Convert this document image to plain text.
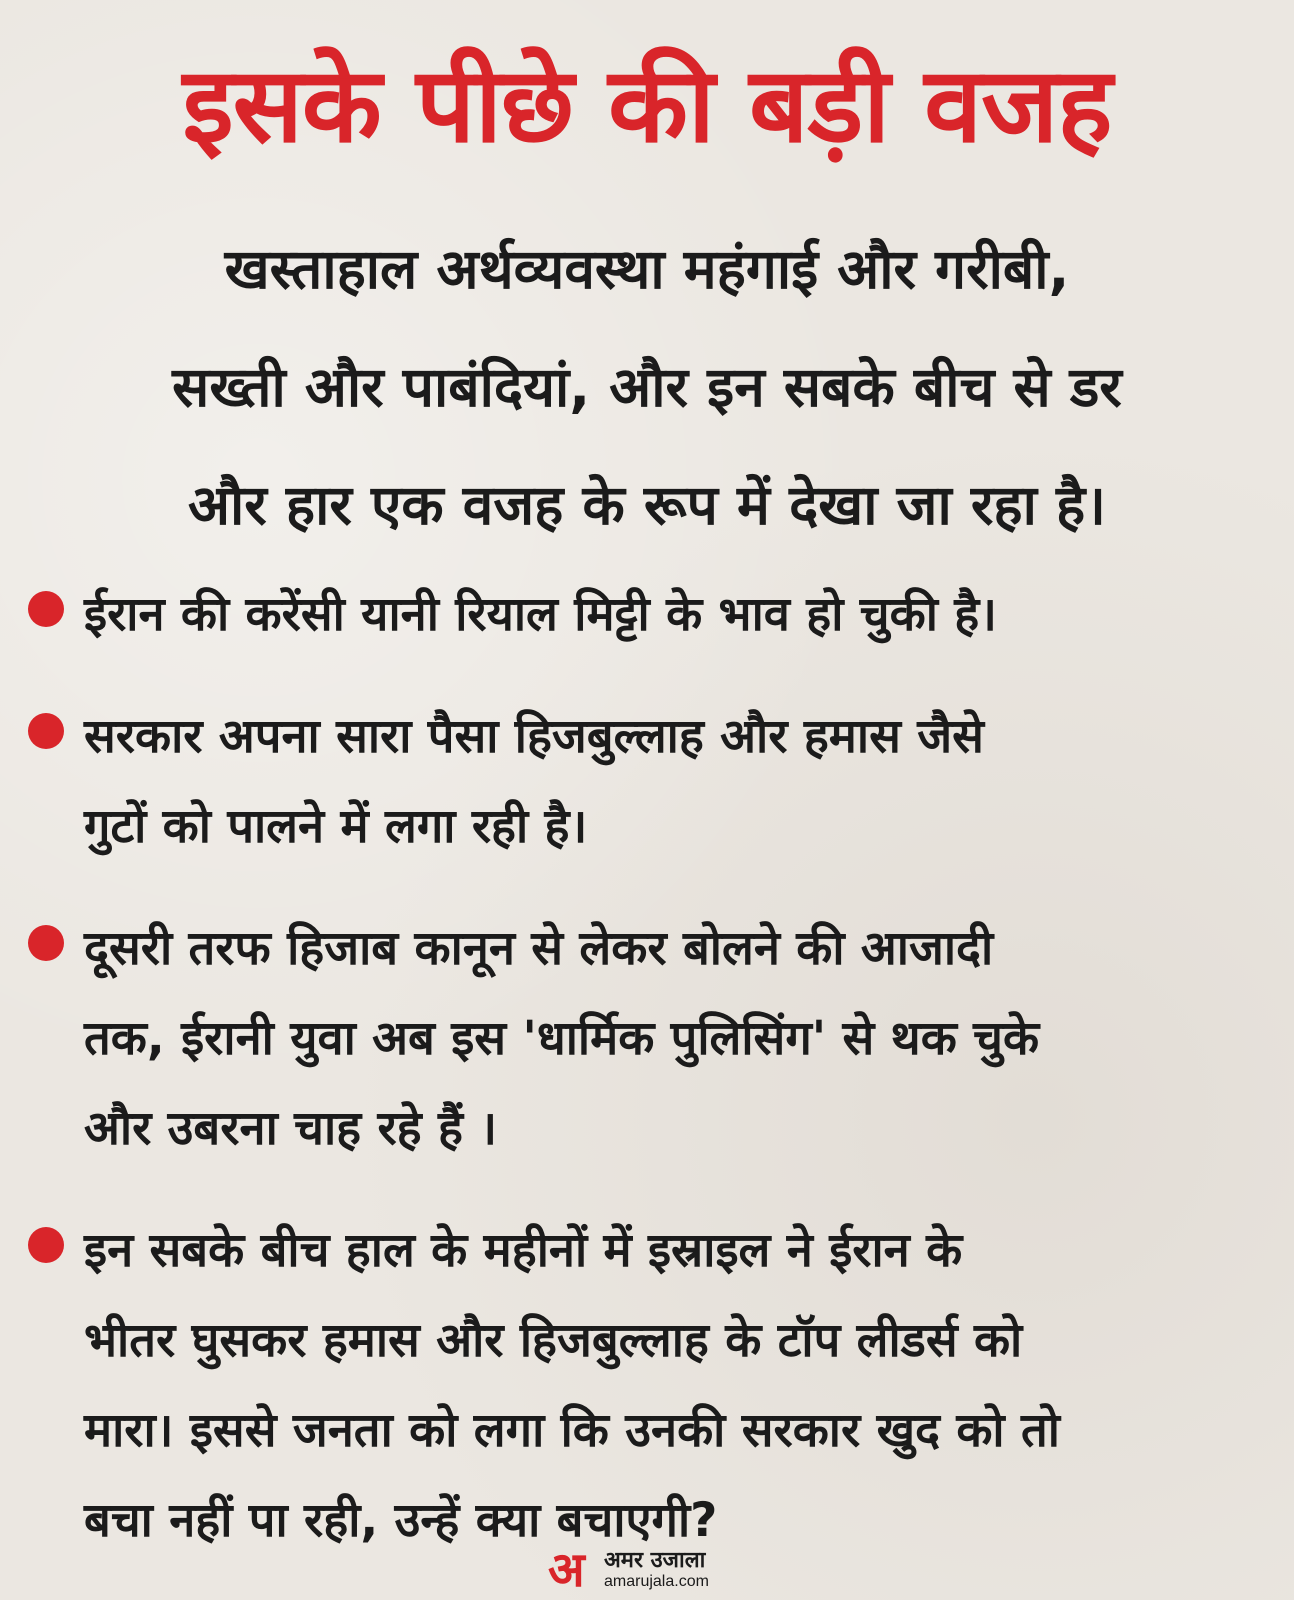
इसके पीछे की बड़ी वजह
खस्ताहाल अर्थव्यवस्था महंगाई और गरीबी,
सख्ती और पाबंदियां, और इन सबके बीच से डर
और हार एक वजह के रूप में देखा जा रहा है।
ईरान की करेंसी यानी रियाल मिट्टी के भाव हो चुकी है।
सरकार अपना सारा पैसा हिजबुल्लाह और हमास जैसे
गुटों को पालने में लगा रही है।
दूसरी तरफ हिजाब कानून से लेकर बोलने की आजादी
तक, ईरानी युवा अब इस 'धार्मिक पुलिसिंग' से थक चुके
और उबरना चाह रहे हैं ।
इन सबके बीच हाल के महीनों में इस्राइल ने ईरान के
भीतर घुसकर हमास और हिजबुल्लाह के टॉप लीडर्स को
मारा। इससे जनता को लगा कि उनकी सरकार खुद को तो
बचा नहीं पा रही, उन्हें क्या बचाएगी?
अ अमर उजाला
amarujala.com
